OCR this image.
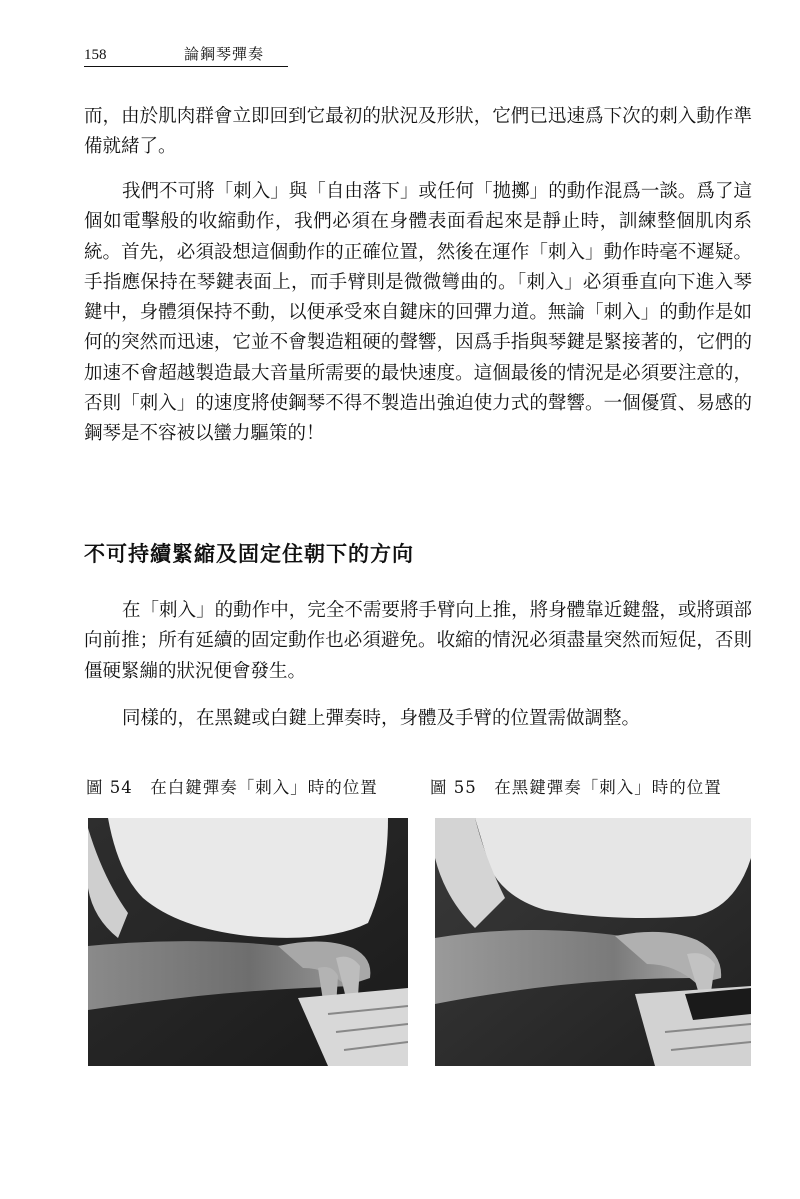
158	論鋼琴彈奏
而，由於肌肉群會立即回到它最初的狀況及形狀，它們已迅速爲下次的刺入動作準備就緒了。
我們不可將「刺入」與「自由落下」或任何「拋擲」的動作混爲一談。爲了這個如電擊般的收縮動作，我們必須在身體表面看起來是靜止時，訓練整個肌肉系統。首先，必須設想這個動作的正確位置，然後在運作「刺入」動作時毫不遲疑。手指應保持在琴鍵表面上，而手臂則是微微彎曲的。「刺入」必須垂直向下進入琴鍵中，身體須保持不動，以便承受來自鍵床的回彈力道。無論「刺入」的動作是如何的突然而迅速，它並不會製造粗硬的聲響，因爲手指與琴鍵是緊接著的，它們的加速不會超越製造最大音量所需要的最快速度。這個最後的情況是必須要注意的，否則「刺入」的速度將使鋼琴不得不製造出強迫使力式的聲響。一個優質、易感的鋼琴是不容被以蠻力驅策的！
不可持續緊縮及固定住朝下的方向
在「刺入」的動作中，完全不需要將手臂向上推，將身體靠近鍵盤，或將頭部向前推；所有延續的固定動作也必須避免。收縮的情況必須盡量突然而短促，否則僵硬緊繃的狀況便會發生。
同樣的，在黑鍵或白鍵上彈奏時，身體及手臂的位置需做調整。
圖 54　在白鍵彈奏「刺入」時的位置	圖 55　在黑鍵彈奏「刺入」時的位置
